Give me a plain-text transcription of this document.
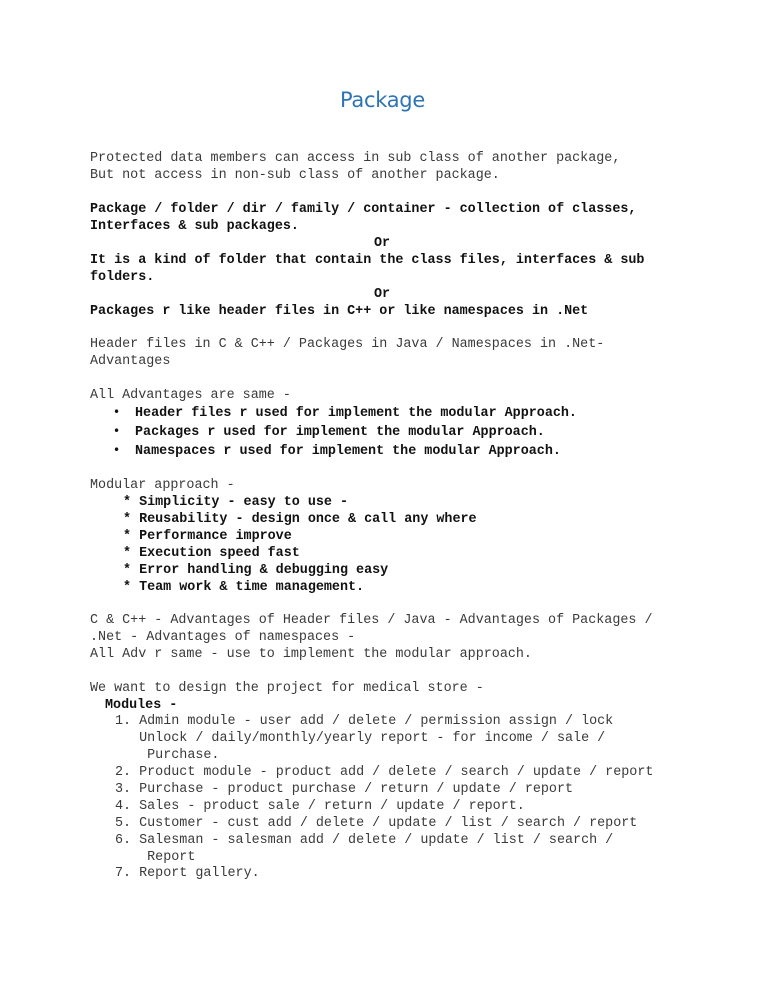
Package
Protected data members can access in sub class of another package,
But not access in non-sub class of another package.
Package / folder / dir / family / container - collection of classes,
Interfaces & sub packages.
Or
It is a kind of folder that contain the class files, interfaces & sub
folders.
Or
Packages r like header files in C++ or like namespaces in .Net
Header files in C & C++ / Packages in Java / Namespaces in .Net-
Advantages
All Advantages are same -
• Header files r used for implement the modular Approach.
• Packages r used for implement the modular Approach.
• Namespaces r used for implement the modular Approach.
Modular approach -
* Simplicity - easy to use -
* Reusability - design once & call any where
* Performance improve
* Execution speed fast
* Error handling & debugging easy
* Team work & time management.
C & C++ - Advantages of Header files / Java - Advantages of Packages /
.Net - Advantages of namespaces -
All Adv r same - use to implement the modular approach.
We want to design the project for medical store -
Modules -
1. Admin module - user add / delete / permission assign / lock
Unlock / daily/monthly/yearly report - for income / sale /
Purchase.
2. Product module - product add / delete / search / update / report
3. Purchase - product purchase / return / update / report
4. Sales - product sale / return / update / report.
5. Customer - cust add / delete / update / list / search / report
6. Salesman - salesman add / delete / update / list / search /
Report
7. Report gallery.
